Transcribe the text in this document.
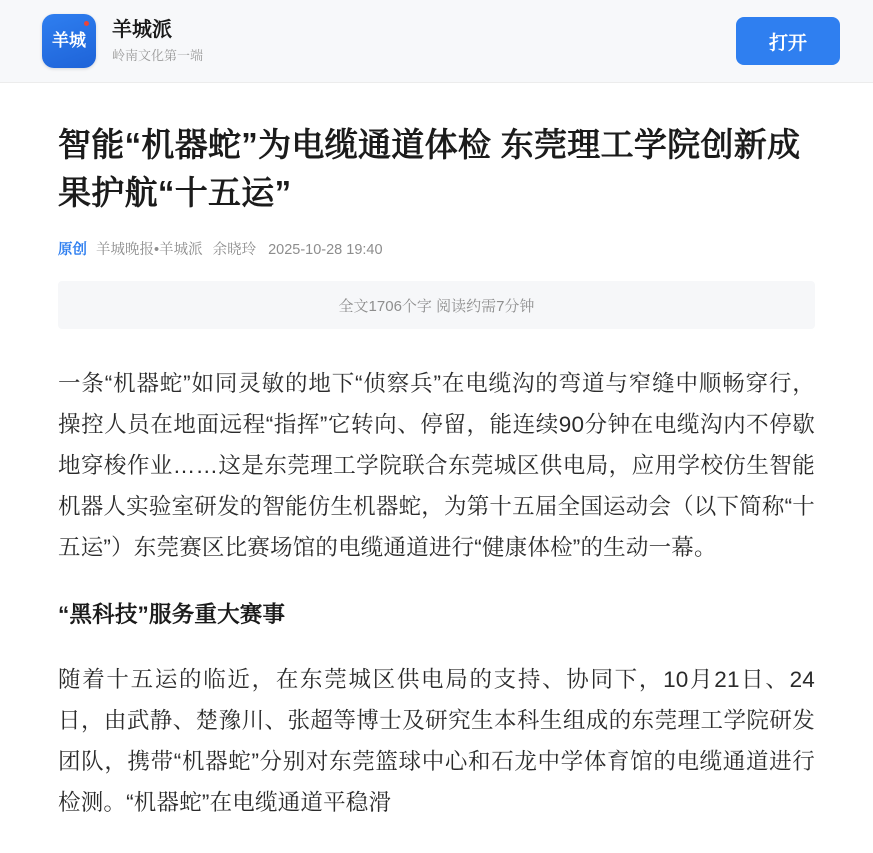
羊城 羊城派
岭南文化第一端
打开
智能“机器蛇”为电缆通道体检 东莞理工学院创新成果护航“十五运”
原创 羊城晚报•羊城派 余晓玲 2025-10-28 19:40
全文1706个字 阅读约需7分钟

一条“机器蛇”如同灵敏的地下“侦察兵”在电缆沟的弯道与窄缝中顺畅穿行，操控人员在地面远程“指挥”它转向、停留，能连续90分钟在电缆沟内不停歇地穿梭作业……这是东莞理工学院联合东莞城区供电局，应用学校仿生智能机器人实验室研发的智能仿生机器蛇，为第十五届全国运动会（以下简称“十五运”）东莞赛区比赛场馆的电缆通道进行“健康体检”的生动一幕。

“黑科技”服务重大赛事

随着十五运的临近，在东莞城区供电局的支持、协同下，10月21日、24日，由武静、楚豫川、张超等博士及研究生本科生组成的东莞理工学院研发团队，携带“机器蛇”分别对东莞篮球中心和石龙中学体育馆的电缆通道进行检测。“机器蛇”在电缆通道平稳滑
